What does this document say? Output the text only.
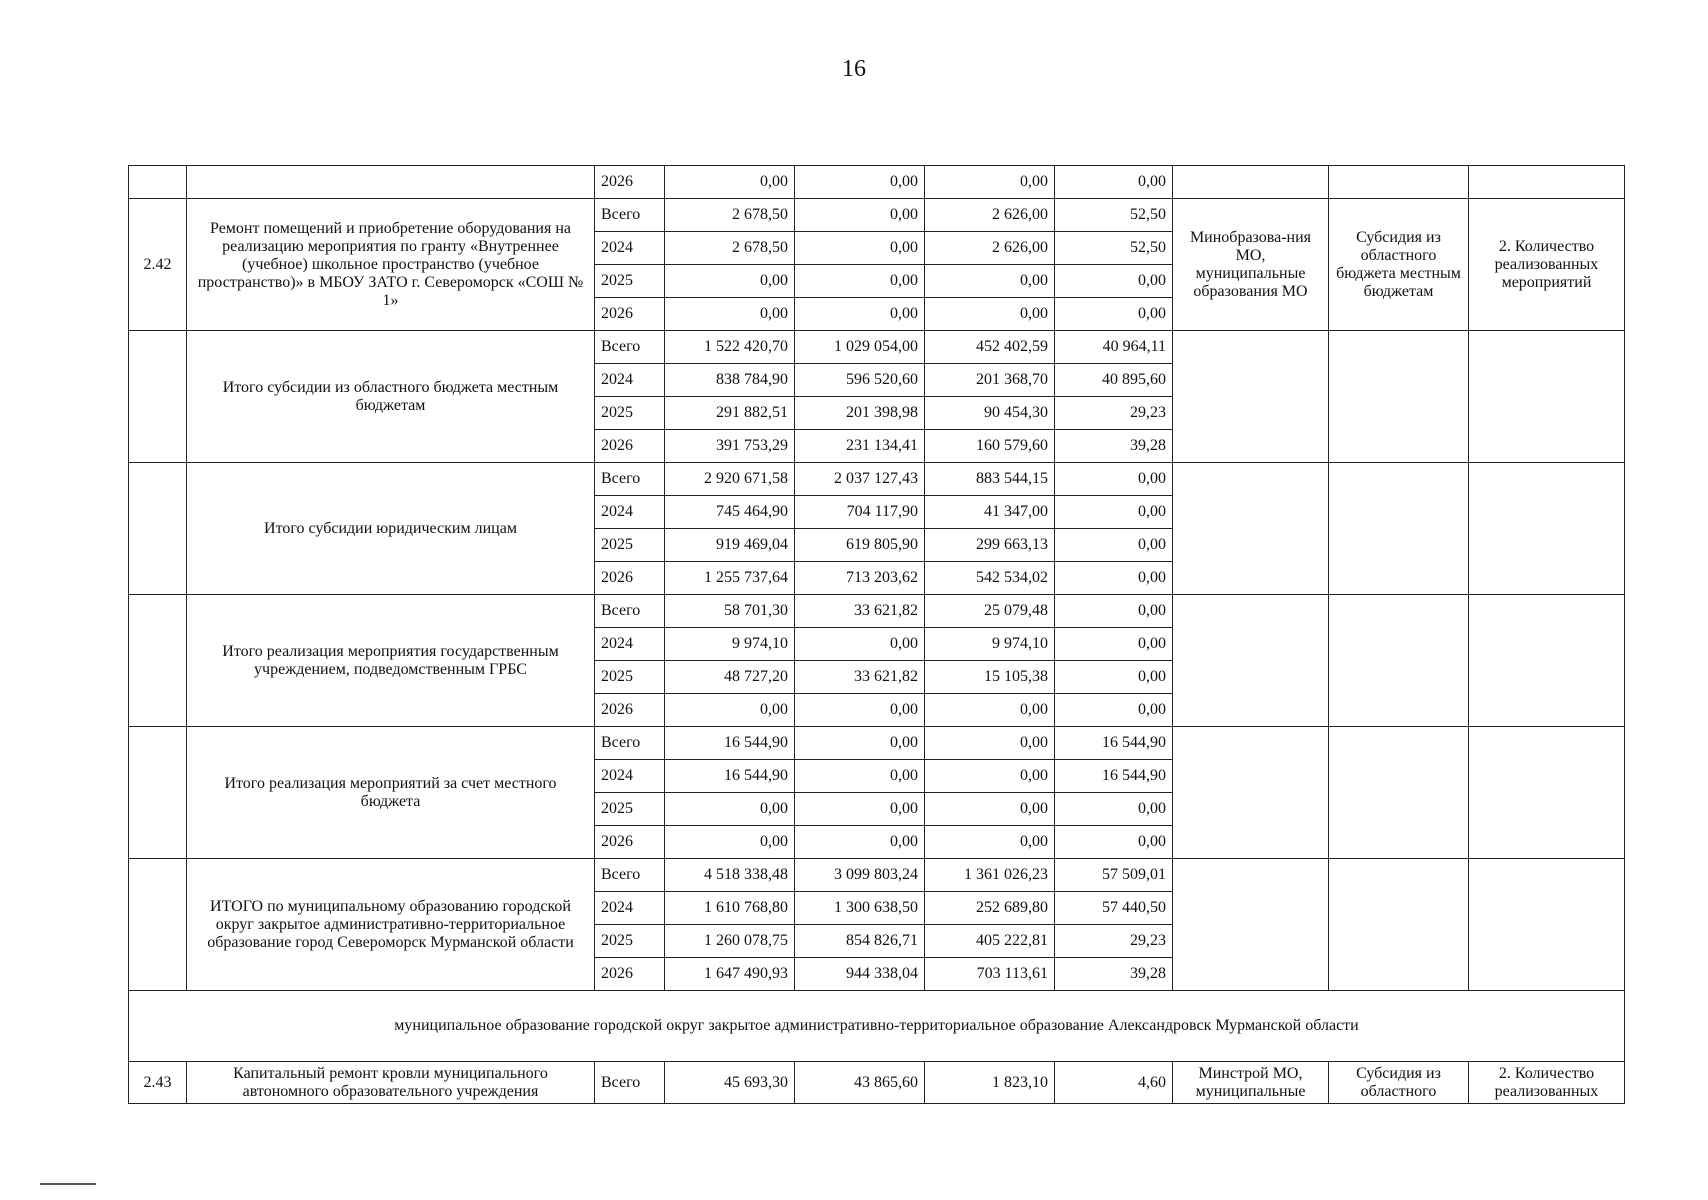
16
		2026	0,00	0,00	0,00	0,00			
2.42	Ремонт помещений и приобретение оборудования на реализацию мероприятия по гранту «Внутреннее (учебное) школьное пространство (учебное пространство)» в МБОУ ЗАТО г. Североморск «СОШ № 1»	Всего	2 678,50	0,00	2 626,00	52,50	Минобразова-ния МО, муниципальные образования МО	Субсидия из областного бюджета местным бюджетам	2. Количество реализованных мероприятий
		2024	2 678,50	0,00	2 626,00	52,50			
		2025	0,00	0,00	0,00	0,00			
		2026	0,00	0,00	0,00	0,00			
	Итого субсидии из областного бюджета местным бюджетам	Всего	1 522 420,70	1 029 054,00	452 402,59	40 964,11			
		2024	838 784,90	596 520,60	201 368,70	40 895,60			
		2025	291 882,51	201 398,98	90 454,30	29,23			
		2026	391 753,29	231 134,41	160 579,60	39,28			
	Итого субсидии юридическим лицам	Всего	2 920 671,58	2 037 127,43	883 544,15	0,00			
		2024	745 464,90	704 117,90	41 347,00	0,00			
		2025	919 469,04	619 805,90	299 663,13	0,00			
		2026	1 255 737,64	713 203,62	542 534,02	0,00			
	Итого реализация мероприятия государственным учреждением, подведомственным ГРБС	Всего	58 701,30	33 621,82	25 079,48	0,00			
		2024	9 974,10	0,00	9 974,10	0,00			
		2025	48 727,20	33 621,82	15 105,38	0,00			
		2026	0,00	0,00	0,00	0,00			
	Итого реализация мероприятий за счет местного бюджета	Всего	16 544,90	0,00	0,00	16 544,90			
		2024	16 544,90	0,00	0,00	16 544,90			
		2025	0,00	0,00	0,00	0,00			
		2026	0,00	0,00	0,00	0,00			
	ИТОГО по муниципальному образованию городской округ закрытое административно-территориальное образование город Североморск Мурманской области	Всего	4 518 338,48	3 099 803,24	1 361 026,23	57 509,01			
		2024	1 610 768,80	1 300 638,50	252 689,80	57 440,50			
		2025	1 260 078,75	854 826,71	405 222,81	29,23			
		2026	1 647 490,93	944 338,04	703 113,61	39,28			
муниципальное образование городской округ закрытое административно-территориальное образование Александровск Мурманской области									
2.43	Капитальный ремонт кровли муниципального автономного образовательного учреждения	Всего	45 693,30	43 865,60	1 823,10	4,60	Минстрой МО, муниципальные	Субсидия из областного	2. Количество реализованных
